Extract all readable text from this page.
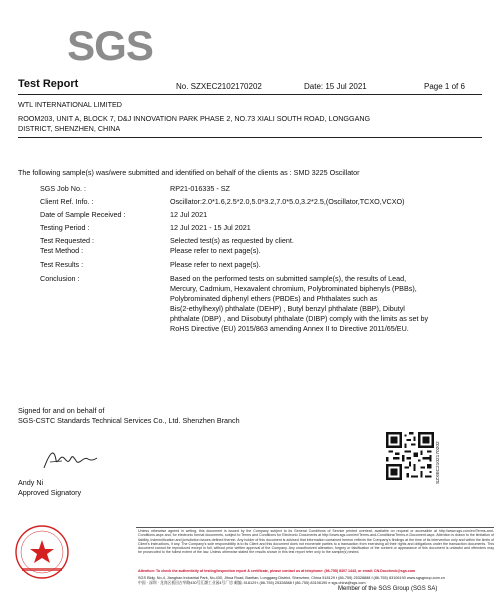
SGS
Test Report	No. SZXEC2102170202	Date: 15 Jul 2021	Page 1 of 6
WTL INTERNATIONAL LIMITED
ROOM203, UNIT A, BLOCK 7, D&J INNOVATION PARK PHASE 2, NO.73 XIALI SOUTH ROAD, LONGGANG
DISTRICT, SHENZHEN, CHINA
The following sample(s) was/were submitted and identified on behalf of the clients as : SMD 3225 Oscillator
SGS Job No. :	RP21-016335 - SZ
Client Ref. Info. :	Oscillator:2.0*1.6,2.5*2.0,5.0*3.2,7.0*5.0,3.2*2.5,(Oscillator,TCXO,VCXO)
Date of Sample Received :	12 Jul 2021
Testing Period :	12 Jul 2021 - 15 Jul 2021
Test Requested :	Selected test(s) as requested by client.
Test Method :	Please refer to next page(s).
Test Results :	Please refer to next page(s).
Conclusion :	Based on the performed tests on submitted sample(s), the results of Lead,
Mercury, Cadmium, Hexavalent chromium, Polybrominated biphenyls (PBBs),
Polybrominated diphenyl ethers (PBDEs) and Phthalates such as
Bis(2-ethylhexyl) phthalate (DEHP) , Butyl benzyl phthalate (BBP), Dibutyl
phthalate (DBP) , and Diisobutyl phthalate (DIBP) comply with the limits as set by
RoHS Directive (EU) 2015/863 amending Annex II to Directive 2011/65/EU.
Signed for and on behalf of
SGS-CSTC Standards Technical Services Co., Ltd. Shenzhen Branch
Andy Ni
Approved Signatory
SZXEC2102170202
Unless otherwise agreed in writing, this document is issued by the Company subject to its General Conditions of Service printed overleaf, available on request or accessible at http://www.sgs.com/en/Terms-and-Conditions.aspx and, for electronic format documents, subject to Terms and Conditions for Electronic Documents at http://www.sgs.com/en/Terms-and-Conditions/Terms-e-Document.aspx. Attention is drawn to the limitation of liability, indemnification and jurisdiction issues defined therein. Any holder of this document is advised that information contained hereon reflects the Company's findings at the time of its intervention only and within the limits of Client's instructions, if any. The Company's sole responsibility is to its Client and this document does not exonerate parties to a transaction from exercising all their rights and obligations under the transaction documents. This document cannot be reproduced except in full, without prior written approval of the Company. Any unauthorized alteration, forgery or falsification of the content or appearance of this document is unlawful and offenders may be prosecuted to the fullest extent of the law. Unless otherwise stated the results shown in this test report refer only to the sample(s) tested.
Attention: To check the authenticity of testing/inspection report & certificate, please contact us at telephone: (86-755) 8307 1443, or email: CN.Doccheck@sgs.com
SGS Bldg. No.4, Jianghao Industrial Park, No.430, Jihua Road, Bantian, Longgang District, Shenzhen, China 518129 t (86-755) 25328888 f (86-755) 83106190 www.sgsgroup.com.cn
中国 · 深圳 · 龙岗区板田吉华路430号江灏工业园4号厂房 邮编: 518129 t (86-755) 25328888 f (86-755) 83106190 e sgs.china@sgs.com
Member of the SGS Group (SGS SA)
